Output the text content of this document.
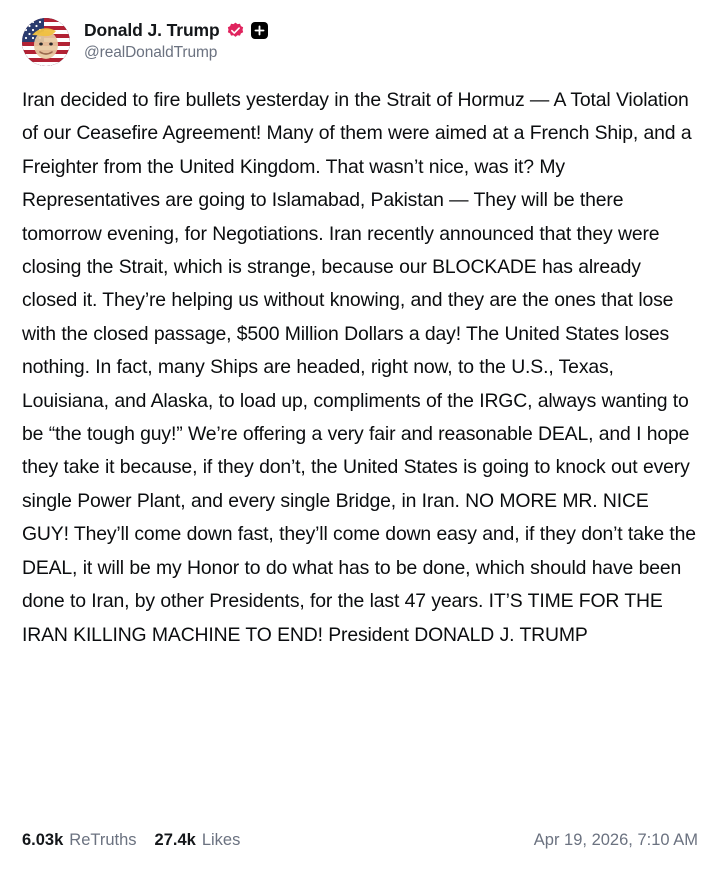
Donald J. Trump
@realDonaldTrump
Iran decided to fire bullets yesterday in the Strait of Hormuz — A Total Violation of our Ceasefire Agreement! Many of them were aimed at a French Ship, and a Freighter from the United Kingdom. That wasn’t nice, was it? My Representatives are going to Islamabad, Pakistan — They will be there tomorrow evening, for Negotiations. Iran recently announced that they were closing the Strait, which is strange, because our BLOCKADE has already closed it. They’re helping us without knowing, and they are the ones that lose with the closed passage, $500 Million Dollars a day! The United States loses nothing. In fact, many Ships are headed, right now, to the U.S., Texas, Louisiana, and Alaska, to load up, compliments of the IRGC, always wanting to be “the tough guy!” We’re offering a very fair and reasonable DEAL, and I hope they take it because, if they don’t, the United States is going to knock out every single Power Plant, and every single Bridge, in Iran. NO MORE MR. NICE GUY! They’ll come down fast, they’ll come down easy and, if they don’t take the DEAL, it will be my Honor to do what has to be done, which should have been done to Iran, by other Presidents, for the last 47 years. IT’S TIME FOR THE IRAN KILLING MACHINE TO END! President DONALD J. TRUMP
6.03k ReTruths 27.4k Likes	Apr 19, 2026, 7:10 AM
